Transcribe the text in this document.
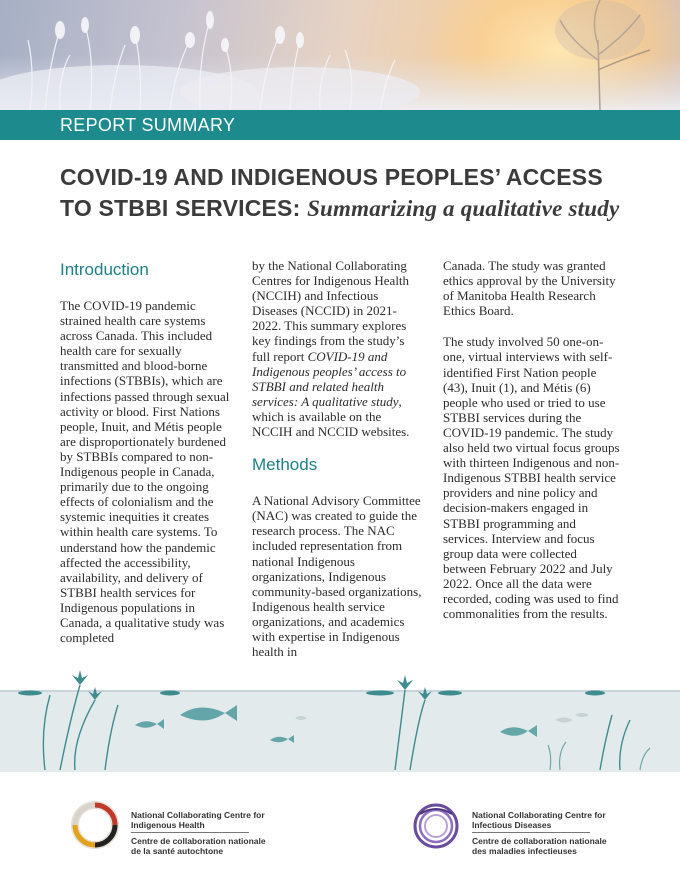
REPORT SUMMARY
COVID-19 AND INDIGENOUS PEOPLES’ ACCESS TO STBBI SERVICES: Summarizing a qualitative study
Introduction

The COVID-19 pandemic strained health care systems across Canada. This included health care for sexually transmitted and blood-borne infections (STBBIs), which are infections passed through sexual activity or blood. First Nations people, Inuit, and Métis people are disproportionately burdened by STBBIs compared to non-Indigenous people in Canada, primarily due to the ongoing effects of colonialism and the systemic inequities it creates within health care systems. To understand how the pandemic affected the accessibility, availability, and delivery of STBBI health services for Indigenous populations in Canada, a qualitative study was completed

by the National Collaborating Centres for Indigenous Health (NCCIH) and Infectious Diseases (NCCID) in 2021-2022. This summary explores key findings from the study’s full report COVID-19 and Indigenous peoples’ access to STBBI and related health services: A qualitative study, which is available on the NCCIH and NCCID websites.

Methods

A National Advisory Committee (NAC) was created to guide the research process. The NAC included representation from national Indigenous organizations, Indigenous community-based organizations, Indigenous health service organizations, and academics with expertise in Indigenous health in

Canada. The study was granted ethics approval by the University of Manitoba Health Research Ethics Board.

The study involved 50 one-on-one, virtual interviews with self-identified First Nation people (43), Inuit (1), and Métis (6) people who used or tried to use STBBI services during the COVID-19 pandemic. The study also held two virtual focus groups with thirteen Indigenous and non-Indigenous STBBI health service providers and nine policy and decision-makers engaged in STBBI programming and services. Interview and focus group data were collected between February 2022 and July 2022. Once all the data were recorded, coding was used to find commonalities from the results.

National Collaborating Centre for Indigenous Health
Centre de collaboration nationale de la santé autochtone
National Collaborating Centre for Infectious Diseases
Centre de collaboration nationale des maladies infectieuses
